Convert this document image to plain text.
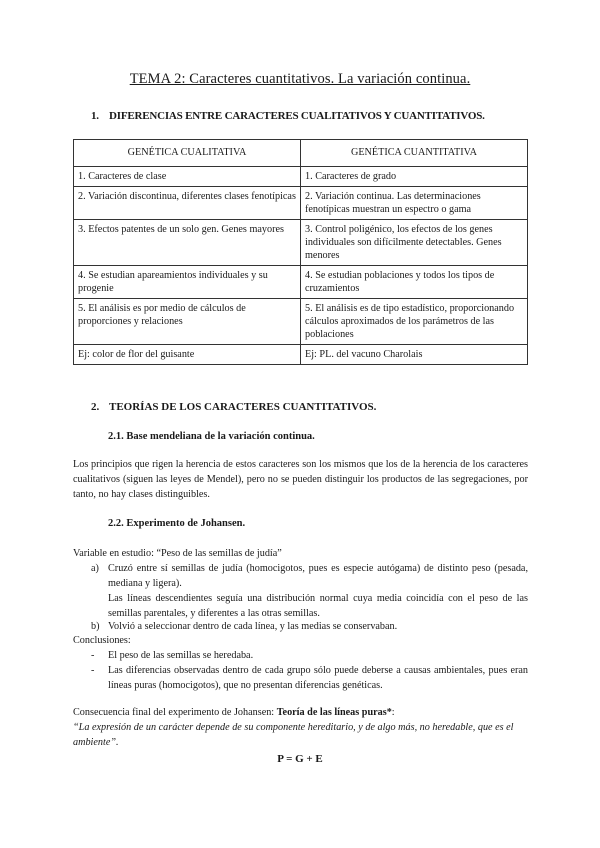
TEMA 2: Caracteres cuantitativos. La variación continua.
1. DIFERENCIAS ENTRE CARACTERES CUALITATIVOS Y CUANTITATIVOS.
GENÉTICA CUALITATIVA	GENÉTICA CUANTITATIVA
1. Caracteres de clase	1. Caracteres de grado
2. Variación discontinua, diferentes clases fenotípicas	2. Variación continua. Las determinaciones fenotípicas muestran un espectro o gama
3. Efectos patentes de un solo gen. Genes mayores	3. Control poligénico, los efectos de los genes individuales son difícilmente detectables. Genes menores
4. Se estudian apareamientos individuales y su progenie	4. Se estudian poblaciones y todos los tipos de cruzamientos
5. El análisis es por medio de cálculos de proporciones y relaciones	5. El análisis es de tipo estadístico, proporcionando cálculos aproximados de los parámetros de las poblaciones
Ej: color de flor del guisante	Ej: PL. del vacuno Charolais
2. TEORÍAS DE LOS CARACTERES CUANTITATIVOS.
2.1. Base mendeliana de la variación continua.
Los principios que rigen la herencia de estos caracteres son los mismos que los de la herencia de los caracteres cualitativos (siguen las leyes de Mendel), pero no se pueden distinguir los productos de las segregaciones, por tanto, no hay clases distinguibles.
2.2. Experimento de Johansen.
Variable en estudio: “Peso de las semillas de judía”
a) Cruzó entre sí semillas de judía (homocigotos, pues es especie autógama) de distinto peso (pesada, mediana y ligera).
Las líneas descendientes seguía una distribución normal cuya media coincidía con el peso de las semillas parentales, y diferentes a las otras semillas.
b) Volvió a seleccionar dentro de cada línea, y las medias se conservaban.
Conclusiones:
- El peso de las semillas se heredaba.
- Las diferencias observadas dentro de cada grupo sólo puede deberse a causas ambientales, pues eran líneas puras (homocigotos), que no presentan diferencias genéticas.
Consecuencia final del experimento de Johansen: Teoría de las líneas puras*:
“La expresión de un carácter depende de su componente hereditario, y de algo más, no heredable, que es el ambiente”.
P = G + E
